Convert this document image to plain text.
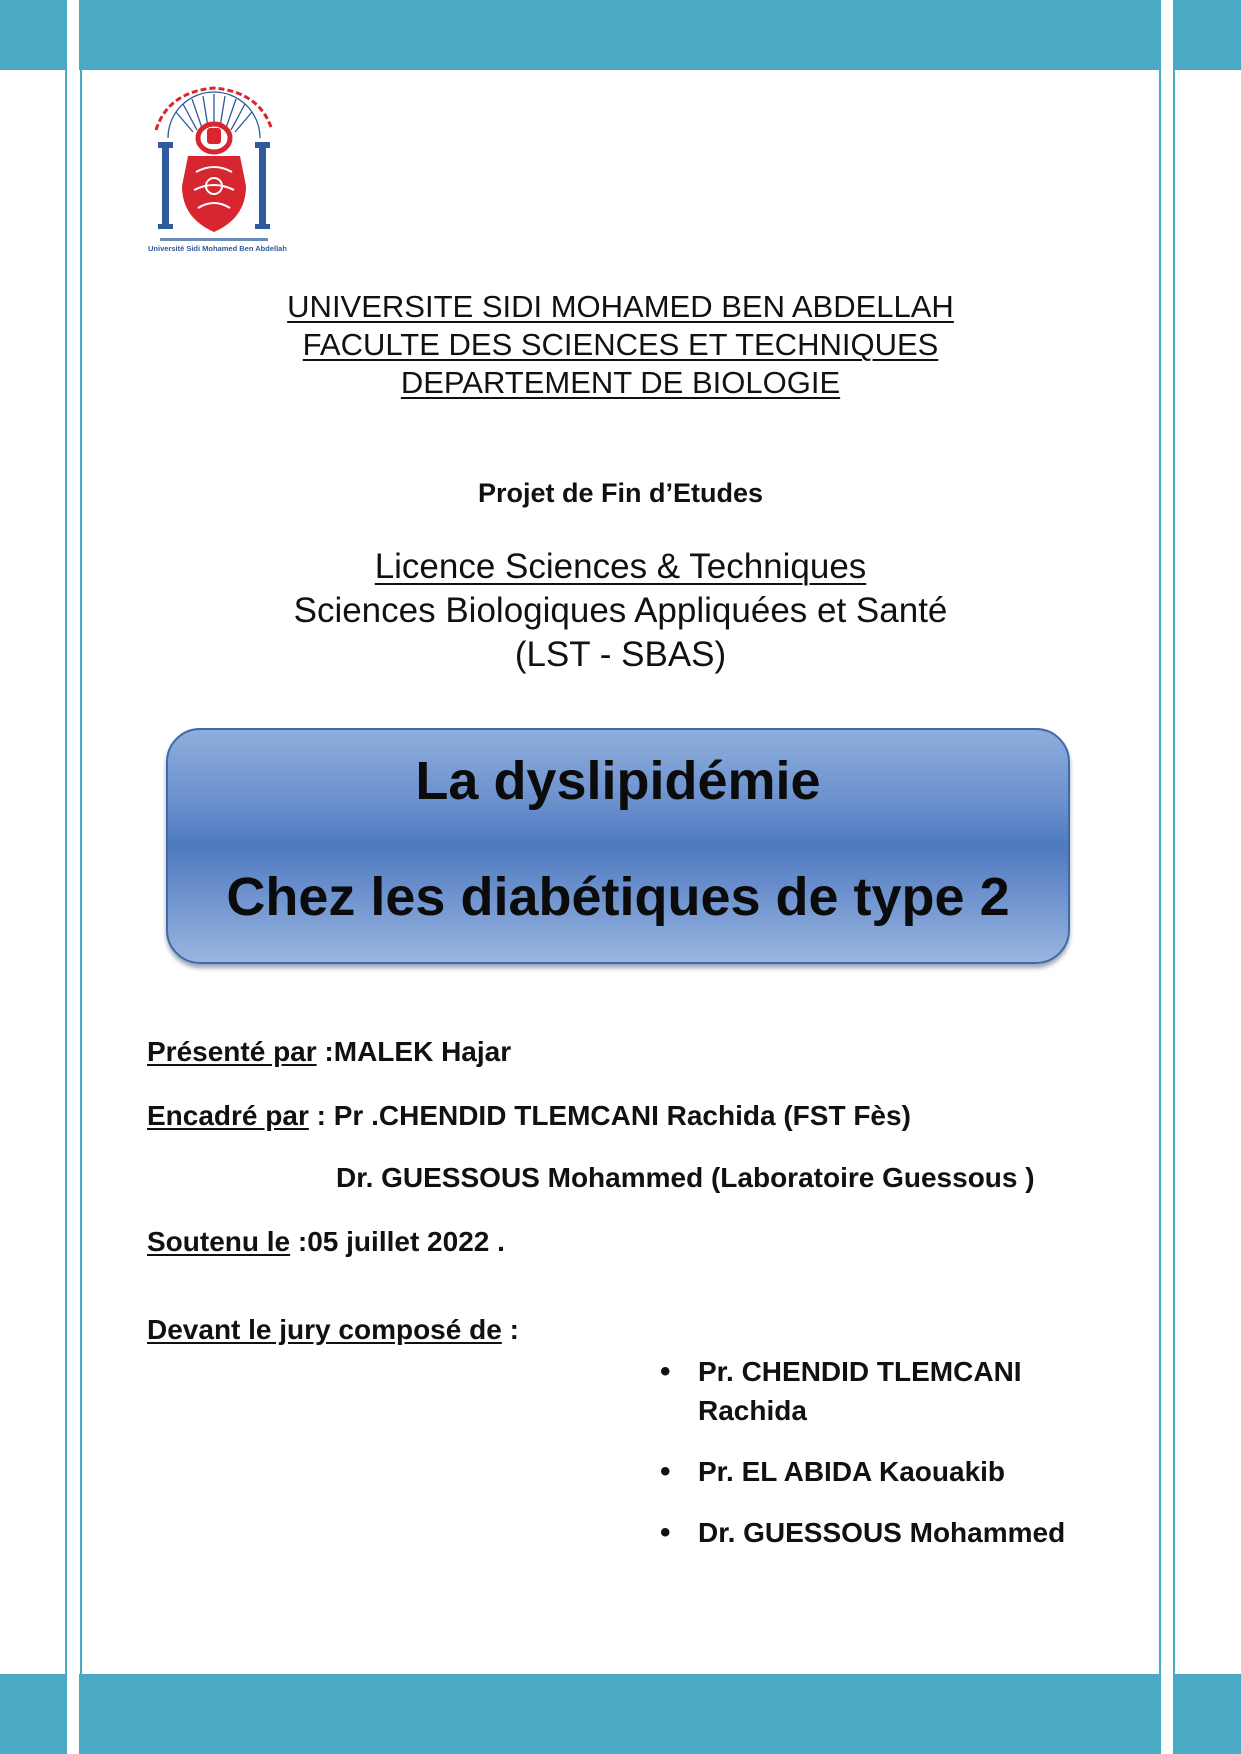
Université Sidi Mohamed Ben Abdellah
UNIVERSITE SIDI MOHAMED BEN ABDELLAH
FACULTE DES SCIENCES ET TECHNIQUES
DEPARTEMENT DE BIOLOGIE
Projet de Fin d’Etudes
Licence Sciences & Techniques
Sciences Biologiques Appliquées et Santé
(LST - SBAS)
La dyslipidémie
Chez les diabétiques de type 2
Présenté par :MALEK Hajar
Encadré par : Pr .CHENDID TLEMCANI Rachida (FST Fès)
Dr. GUESSOUS Mohammed (Laboratoire Guessous )
Soutenu le :05 juillet 2022 .
Devant le jury composé de :
• Pr. CHENDID TLEMCANI Rachida
• Pr. EL ABIDA Kaouakib
• Dr. GUESSOUS Mohammed
